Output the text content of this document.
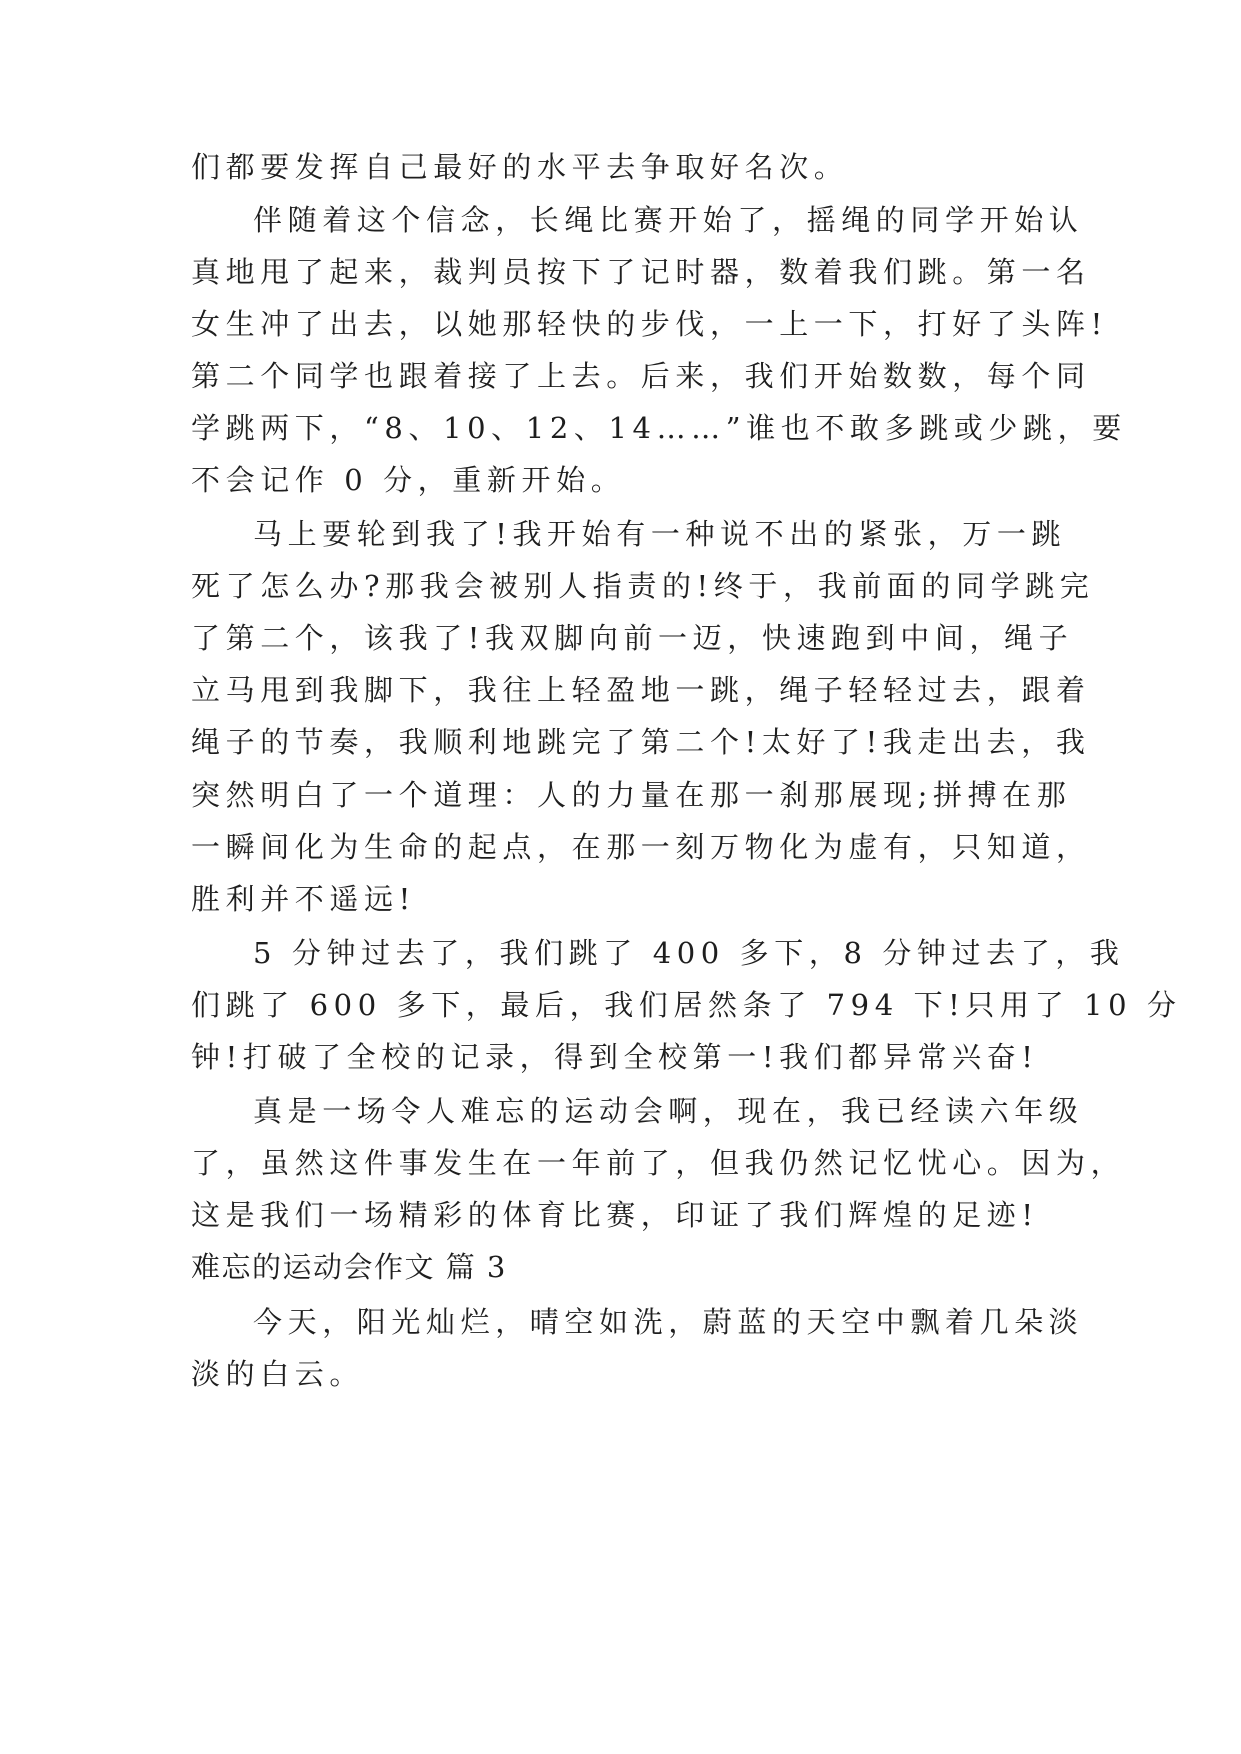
们都要发挥自己最好的水平去争取好名次。
伴随着这个信念，长绳比赛开始了，摇绳的同学开始认
真地甩了起来，裁判员按下了记时器，数着我们跳。第一名
女生冲了出去，以她那轻快的步伐，一上一下，打好了头阵!
第二个同学也跟着接了上去。后来，我们开始数数，每个同
学跳两下，“8、10、12、14……”谁也不敢多跳或少跳，要
不会记作 0 分，重新开始。
马上要轮到我了!我开始有一种说不出的紧张，万一跳
死了怎么办?那我会被别人指责的!终于，我前面的同学跳完
了第二个，该我了!我双脚向前一迈，快速跑到中间，绳子
立马甩到我脚下，我往上轻盈地一跳，绳子轻轻过去，跟着
绳子的节奏，我顺利地跳完了第二个!太好了!我走出去，我
突然明白了一个道理：人的力量在那一刹那展现;拼搏在那
一瞬间化为生命的起点，在那一刻万物化为虚有，只知道，
胜利并不遥远!
5 分钟过去了，我们跳了 400 多下，8 分钟过去了，我
们跳了 600 多下，最后，我们居然条了 794 下!只用了 10 分
钟!打破了全校的记录，得到全校第一!我们都异常兴奋!
真是一场令人难忘的运动会啊，现在，我已经读六年级
了，虽然这件事发生在一年前了，但我仍然记忆忧心。因为，
这是我们一场精彩的体育比赛，印证了我们辉煌的足迹!
难忘的运动会作文 篇 3
今天，阳光灿烂，晴空如洗，蔚蓝的天空中飘着几朵淡
淡的白云。
